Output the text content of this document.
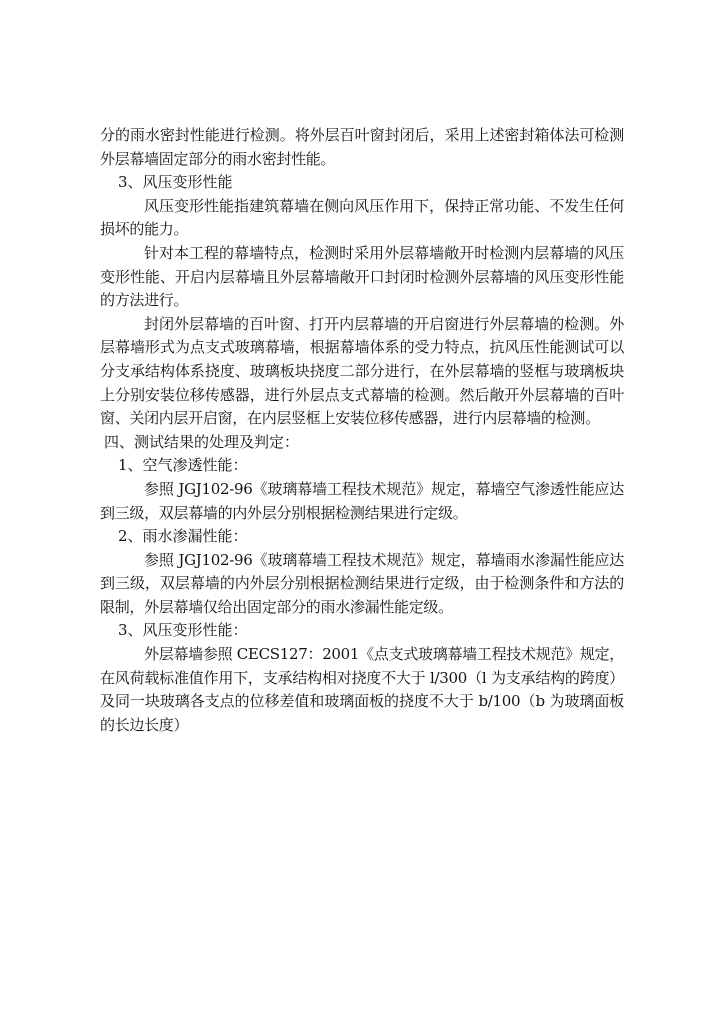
分的雨水密封性能进行检测。将外层百叶窗封闭后，采用上述密封箱体法可检测外层幕墙固定部分的雨水密封性能。

3、风压变形性能

风压变形性能指建筑幕墙在侧向风压作用下，保持正常功能、不发生任何损坏的能力。

针对本工程的幕墙特点，检测时采用外层幕墙敞开时检测内层幕墙的风压变形性能、开启内层幕墙且外层幕墙敞开口封闭时检测外层幕墙的风压变形性能的方法进行。

封闭外层幕墙的百叶窗、打开内层幕墙的开启窗进行外层幕墙的检测。外层幕墙形式为点支式玻璃幕墙，根据幕墙体系的受力特点，抗风压性能测试可以分支承结构体系挠度、玻璃板块挠度二部分进行，在外层幕墙的竖框与玻璃板块上分别安装位移传感器，进行外层点支式幕墙的检测。然后敞开外层幕墙的百叶窗、关闭内层开启窗，在内层竖框上安装位移传感器，进行内层幕墙的检测。

四、测试结果的处理及判定：

1、空气渗透性能：

参照 JGJ102-96《玻璃幕墙工程技术规范》规定，幕墙空气渗透性能应达到三级，双层幕墙的内外层分别根据检测结果进行定级。

2、雨水渗漏性能：

参照 JGJ102-96《玻璃幕墙工程技术规范》规定，幕墙雨水渗漏性能应达到三级，双层幕墙的内外层分别根据检测结果进行定级，由于检测条件和方法的限制，外层幕墙仅给出固定部分的雨水渗漏性能定级。

3、风压变形性能：

外层幕墙参照 CECS127：2001《点支式玻璃幕墙工程技术规范》规定，在风荷载标准值作用下，支承结构相对挠度不大于 l/300（l 为支承结构的跨度）及同一块玻璃各支点的位移差值和玻璃面板的挠度不大于 b/100（b 为玻璃面板的长边长度）
